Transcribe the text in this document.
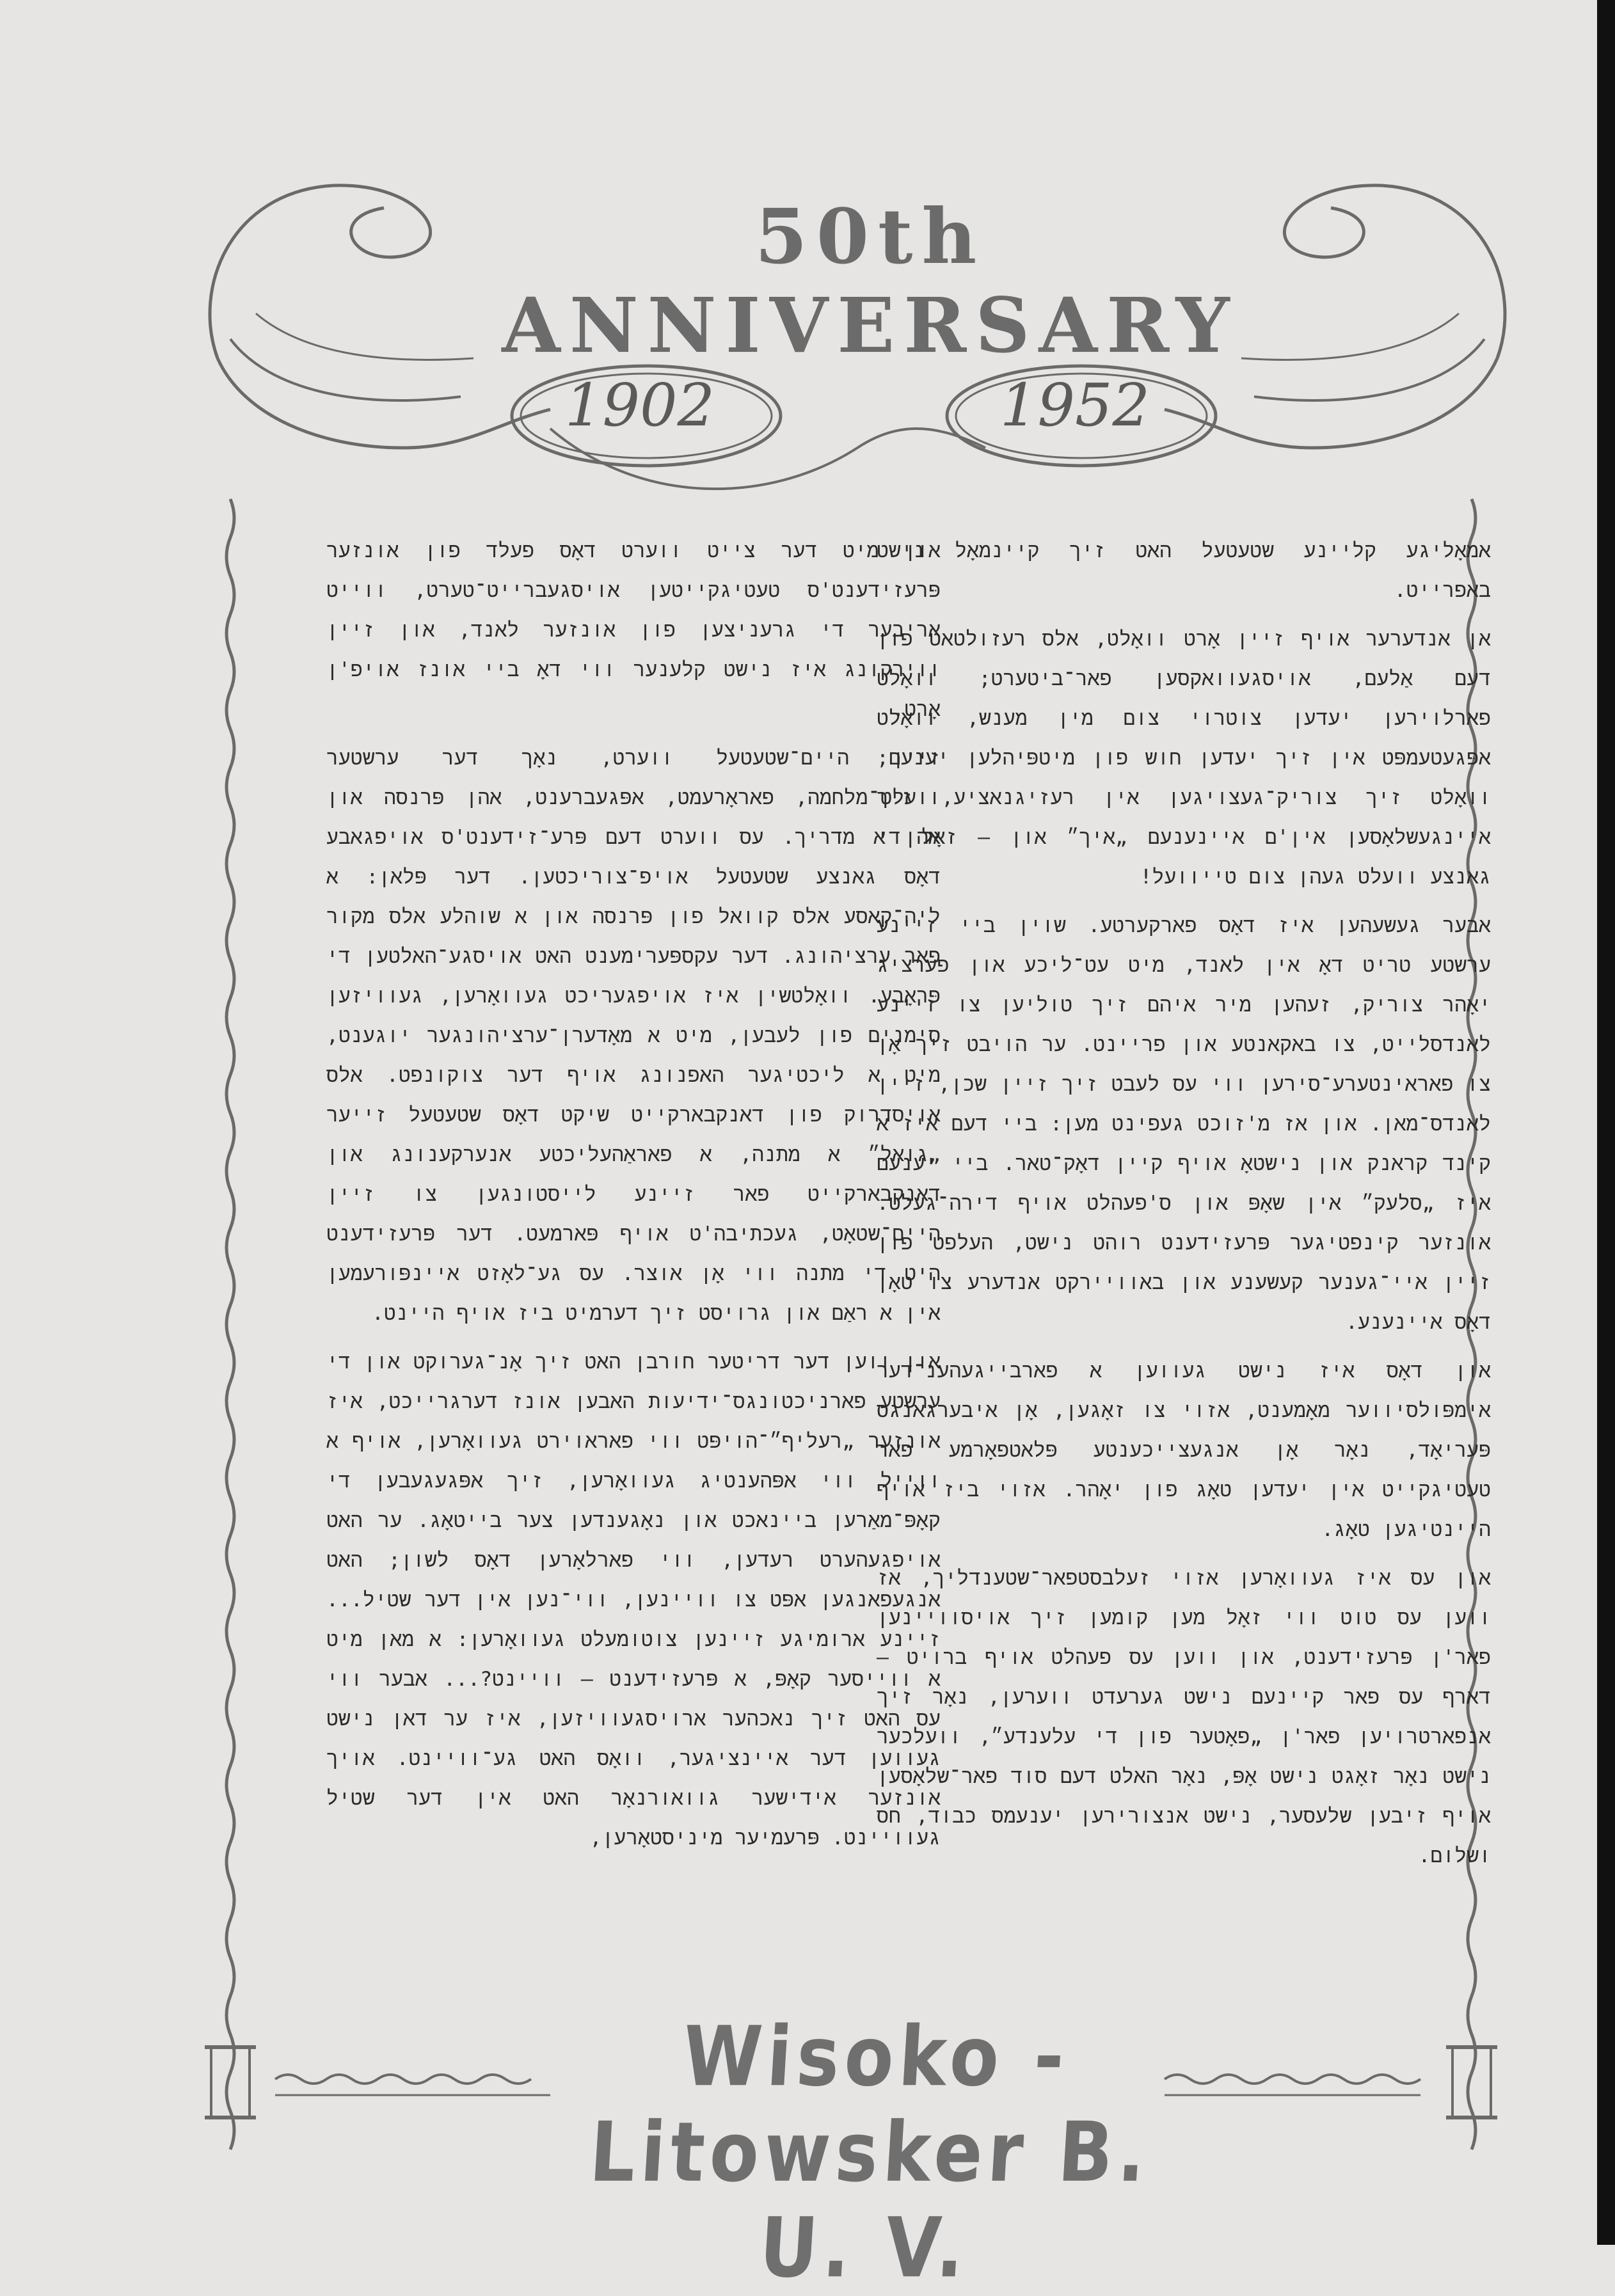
50th ANNIVERSARY
1902	1952

אמאָליגע קליינע שטעטעל האט זיך קיינמאָל נישט באפרייט.

אן אנדערער אויף זיין אָרט וואָלט, אלס רעזולטאט פון דעם אַלעם, אויסגעוואקסען פאר־ביטערט; וואָלט פארלוירען יעדען צוטרוי צום מין מענש, וואָלט אפּגעטעמפּט אין זיך יעדען חוש פון מיטפּיהלען יענעם; וואָלט זיך צוריק־געצויגען אין רעזיגנאציע, זיך איינגעשלאָסען אין'ם איינענעם „איך״ און — זאָל די גאנצע וועלט געהן צום טייוועל!

אבער געשעהען איז דאָס פארקערטע. שוין ביי זיינע ערשטע טריט דאָ אין לאנד, מיט עט־ליכע און פערציג יאָהר צוריק, זעהען מיר איהם זיך טוליען צו זיינע לאנדסלייט, צו באקאנטע און פריינט. ער הויבט זיך אָן צו פאראינטערע־סירען ווי עס לעבט זיך זיין שכן, זיין לאנדס־מאן. און אז מ'זוכט געפינט מען: ביי דעם איז א קינד קראנק און נישטאָ אויף קיין דאָק־טאר. ביי יענעם איז „סלעק״ אין שאָפּ און ס'פעהלט אויף דירה־געלט. אונזער קינפטיגער פּרעזידענט רוהט נישט, העלפט פון זיין איי־גענער קעשענע און באוויירקט אנדערע צו טאָן דאָס איינענע.

און דאָס איז נישט געווען א פארבייגעהענ־דער אימפּולסיווער מאָמענט, אזוי צו זאָגען, אָן איבערגאנגס פּעריאָד, נאָר אָן אנגעצייכענטע פּלאטפאָרמע פאר טעטיגקייט אין יעדען טאָג פון יאָהר. אזוי ביז אויף היינטיגען טאָג.

און עס איז געוואָרען אזוי זעלבסטפאר־שטענדליך, אז ווען עס טוט ווי זאָל מען קומען זיך אויסוויינען פאר'ן פּרעזידענט, און ווען עס פעהלט אויף ברויט — דארף עס פאר קיינעם נישט גערעדט ווערען, נאָר זיך אנפארטרויען פאר'ן „פאָטער פון די עלענדע״, וועלכער נישט נאָר זאָגט נישט אָפּ, נאָר האלט דעם סוד פאר־שלאָסען אויף זיבען שלעסער, נישט אנצורירען יענעמס כבוד, חס ושלום.

און מיט דער צייט ווערט דאָס פעלד פון אונזער פּרעזידענט'ס טעטיגקייטען אויסגעברייט־טערט, ווייט אריבער די גרעניצען פון אונזער לאנד, און זיין ווירקונג איז נישט קלענער ווי דאָ ביי אונז אויפ'ן אָרט.

זיין היים־שטעטעל ווערט, נאָך דער ערשטער וועלט־מלחמה, פאראָרעמט, אפּגעברענט, אהן פּרנסה און אהן א מדריך. עס ווערט דעם פּרע־זידענט'ס אויפגאבע דאָס גאנצע שטעטעל אויפ־צוריכטען. דער פּלאן: א ליה־קאסע אלס קוואל פון פּרנסה און א שוהלע אלס מקור פאר ערציהונג. דער עקספּערימענט האט אויסגע־האלטען די פּראָבע. וואָלטשין איז אויפגעריכט געוואָרען, געוויזען סימנים פון לעבען, מיט א מאָדערן־ערציהונגער יוגענט, מיט א ליכטיגער האפנונג אויף דער צוקונפט. אלס אויסדרוק פון דאנקבארקייט שיקט דאָס שטעטעל זייער „גואל״ א מתנה, א פאראַהעליכטע אנערקענונג און דאנקבארקייט פאר זיינע לייסטונגען צו זיין היים־שטאָט, געכתיבה'ט אויף פּארמעט. דער פּרעזידענט היט די מתנה ווי אָן אוצר. עס גע־לאָזט איינפּורעמען אין א ראַם און גרויסט זיך דערמיט ביז אויף היינט.

און ווען דער דריטער חורבן האט זיך אָנ־גערוקט און די ערשטע פארניכטונגס־ידיעות האבען אונז דערגרייכט, איז אונזער „רעליף״־הויפּט ווי פאראוירט געוואָרען, אויף א ווייל ווי אפּהענטיג געוואָרען, זיך אפּגעגעבען די קאָפּ־מאַרען ביינאכט און נאָגענדען צער בייטאָג. ער האט אויפגעהערט רעדען, ווי פארלאָרען דאָס לשון; האט אנגעפאנגען אפּט צו וויינען, ווי־נען אין דער שטיל... זיינע ארומיגע זיינען צוטומעלט געוואָרען: א מאן מיט א ווייסער קאָפּ, א פּרעזידענט — וויינט?... אבער ווי עס האט זיך נאכהער ארויסגעוויזען, איז ער דאן נישט געווען דער איינציגער, וואָס האט גע־וויינט. אויך אונזער אידישער גוואורנאָר האט אין דער שטיל געוויינט. פּרעמיער מיניסטאָרען,

Wisoko - Litowsker B. U. V.
